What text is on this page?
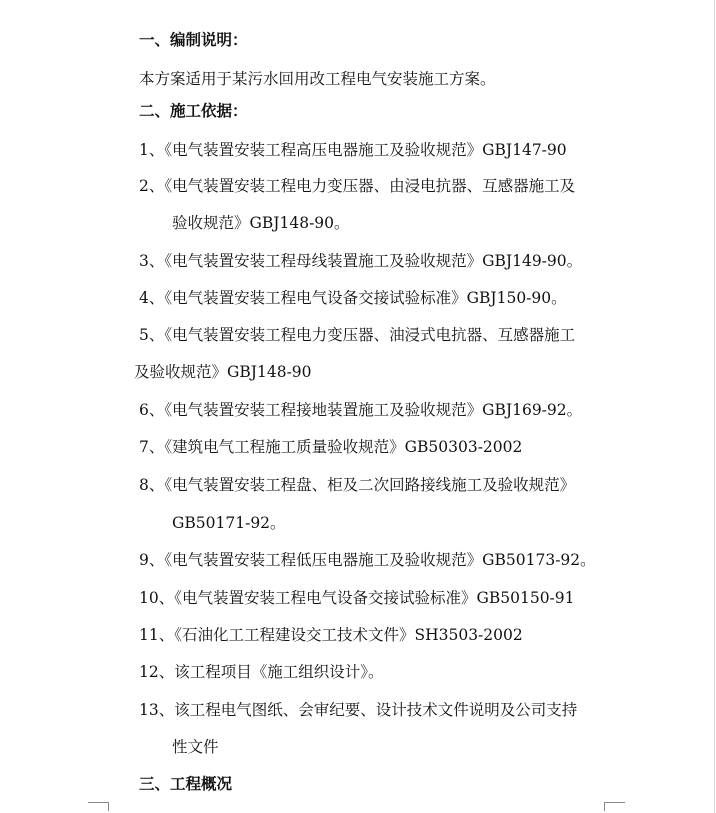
一、编制说明：
本方案适用于某污水回用改工程电气安装施工方案。
二、施工依据：
1、《电气装置安装工程高压电器施工及验收规范》GBJ147-90
2、《电气装置安装工程电力变压器、由浸电抗器、互感器施工及
验收规范》GBJ148-90。
3、《电气装置安装工程母线装置施工及验收规范》GBJ149-90。
4、《电气装置安装工程电气设备交接试验标准》GBJ150-90。
5、《电气装置安装工程电力变压器、油浸式电抗器、互感器施工
及验收规范》GBJ148-90
6、《电气装置安装工程接地装置施工及验收规范》GBJ169-92。
7、《建筑电气工程施工质量验收规范》GB50303-2002
8、《电气装置安装工程盘、柜及二次回路接线施工及验收规范》
GB50171-92。
9、《电气装置安装工程低压电器施工及验收规范》GB50173-92。
10、《电气装置安装工程电气设备交接试验标准》GB50150-91
11、《石油化工工程建设交工技术文件》SH3503-2002
12、该工程项目《施工组织设计》。
13、该工程电气图纸、会审纪要、设计技术文件说明及公司支持
性文件
三、工程概况
